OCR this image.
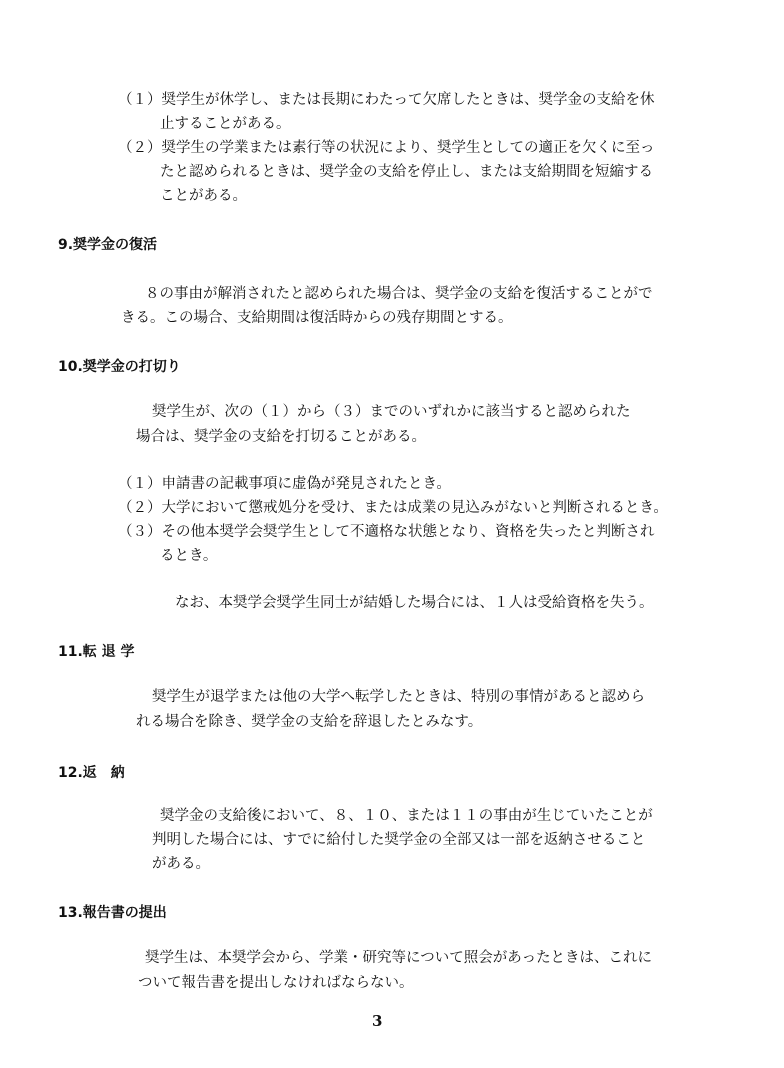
（１）奨学生が休学し、または長期にわたって欠席したときは、奨学金の支給を休
止することがある。
（２）奨学生の学業または素行等の状況により、奨学生としての適正を欠くに至っ
たと認められるときは、奨学金の支給を停止し、または支給期間を短縮する
ことがある。
9.奨学金の復活
８の事由が解消されたと認められた場合は、奨学金の支給を復活することがで
きる。この場合、支給期間は復活時からの残存期間とする。
10.奨学金の打切り
奨学生が、次の（１）から（３）までのいずれかに該当すると認められた
場合は、奨学金の支給を打切ることがある。
（１）申請書の記載事項に虚偽が発見されたとき。
（２）大学において懲戒処分を受け、または成業の見込みがないと判断されるとき。
（３）その他本奨学会奨学生として不適格な状態となり、資格を失ったと判断され
るとき。
なお、本奨学会奨学生同士が結婚した場合には、１人は受給資格を失う。
11.転 退 学
奨学生が退学または他の大学へ転学したときは、特別の事情があると認めら
れる場合を除き、奨学金の支給を辞退したとみなす。
12.返　納
奨学金の支給後において、８、１０、または１１の事由が生じていたことが
判明した場合には、すでに給付した奨学金の全部又は一部を返納させること
がある。
13.報告書の提出
奨学生は、本奨学会から、学業・研究等について照会があったときは、これに
ついて報告書を提出しなければならない。
3
